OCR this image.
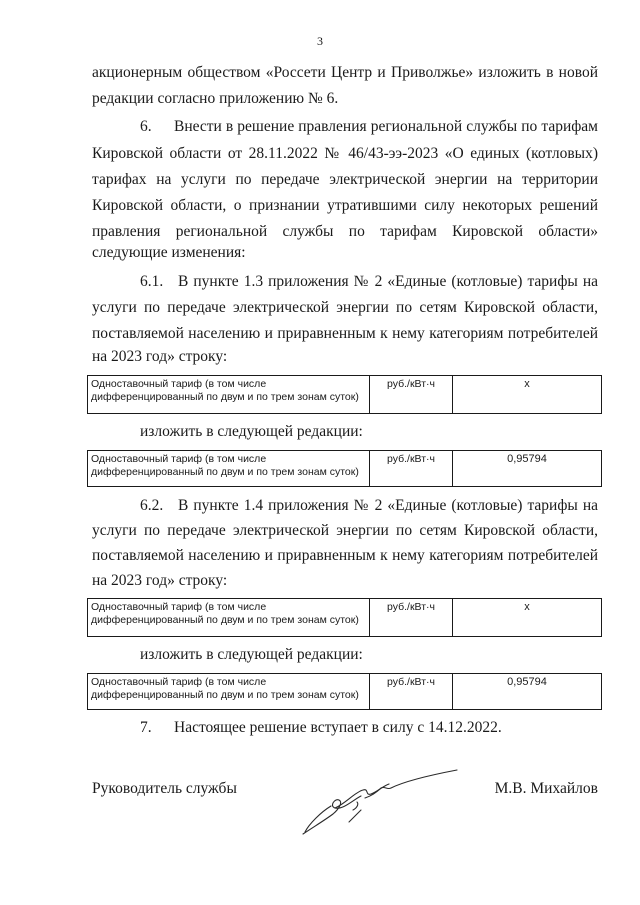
3
акционерным обществом «Россети Центр и Приволжье» изложить в новой
редакции согласно приложению № 6.
6. Внести в решение правления региональной службы по тарифам
Кировской области от 28.11.2022 № 46/43-ээ-2023 «О единых (котловых)
тарифах на услуги по передаче электрической энергии на территории
Кировской области, о признании утратившими силу некоторых решений
правления региональной службы по тарифам Кировской области»
следующие изменения:
6.1. В пункте 1.3 приложения № 2 «Единые (котловые) тарифы на
услуги по передаче электрической энергии по сетям Кировской области,
поставляемой населению и приравненным к нему категориям потребителей
на 2023 год» строку:
Одноставочный тариф (в том числе
дифференцированный по двум и по трем зонам суток)
	руб./кВт·ч	х
изложить в следующей редакции:
Одноставочный тариф (в том числе
дифференцированный по двум и по трем зонам суток)
	руб./кВт·ч	0,95794
6.2. В пункте 1.4 приложения № 2 «Единые (котловые) тарифы на
услуги по передаче электрической энергии по сетям Кировской области,
поставляемой населению и приравненным к нему категориям потребителей
на 2023 год» строку:
Одноставочный тариф (в том числе
дифференцированный по двум и по трем зонам суток)
	руб./кВт·ч	х
изложить в следующей редакции:
Одноставочный тариф (в том числе
дифференцированный по двум и по трем зонам суток)
	руб./кВт·ч	0,95794
7. Настоящее решение вступает в силу с 14.12.2022.
Руководитель службы	М.В. Михайлов
